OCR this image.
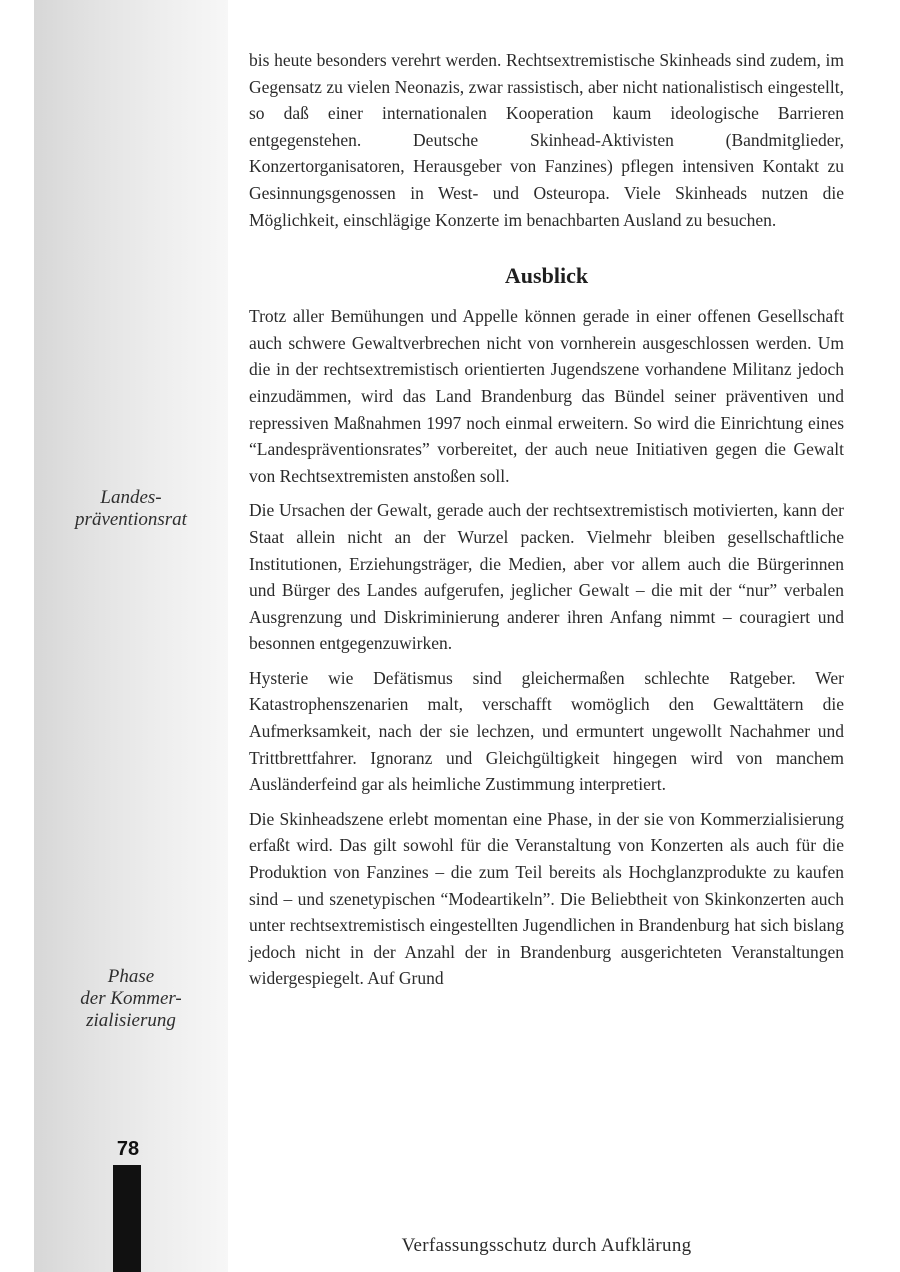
Landes-
präventionsrat
Phase
der Kommer-
zialisierung
78

bis heute besonders verehrt werden. Rechtsextremistische Skinheads sind zudem, im Gegensatz zu vielen Neonazis, zwar rassistisch, aber nicht nationalistisch eingestellt, so daß einer internationalen Kooperation kaum ideologische Barrieren entgegenstehen. Deutsche Skinhead-Aktivisten (Bandmitglieder, Konzertorganisatoren, Herausgeber von Fanzines) pflegen intensiven Kontakt zu Gesinnungsgenossen in West- und Osteuropa. Viele Skinheads nutzen die Möglichkeit, einschlägige Konzerte im benachbarten Ausland zu besuchen.

Ausblick

Trotz aller Bemühungen und Appelle können gerade in einer offenen Gesellschaft auch schwere Gewaltverbrechen nicht von vornherein ausgeschlossen werden. Um die in der rechtsextremistisch orientierten Jugendszene vorhandene Militanz jedoch einzudämmen, wird das Land Brandenburg das Bündel seiner präventiven und repressiven Maßnahmen 1997 noch einmal erweitern. So wird die Einrichtung eines “Landespräventionsrates” vorbereitet, der auch neue Initiativen gegen die Gewalt von Rechtsextremisten anstoßen soll.

Die Ursachen der Gewalt, gerade auch der rechtsextremistisch motivierten, kann der Staat allein nicht an der Wurzel packen. Vielmehr bleiben gesellschaftliche Institutionen, Erziehungsträger, die Medien, aber vor allem auch die Bürgerinnen und Bürger des Landes aufgerufen, jeglicher Gewalt – die mit der “nur” verbalen Ausgrenzung und Diskriminierung anderer ihren Anfang nimmt – couragiert und besonnen entgegenzuwirken.

Hysterie wie Defätismus sind gleichermaßen schlechte Ratgeber. Wer Katastrophenszenarien malt, verschafft womöglich den Gewalttätern die Aufmerksamkeit, nach der sie lechzen, und ermuntert ungewollt Nachahmer und Trittbrettfahrer. Ignoranz und Gleichgültigkeit hingegen wird von manchem Ausländerfeind gar als heimliche Zustimmung interpretiert.

Die Skinheadszene erlebt momentan eine Phase, in der sie von Kommerzialisierung erfaßt wird. Das gilt sowohl für die Veranstaltung von Konzerten als auch für die Produktion von Fanzines – die zum Teil bereits als Hochglanzprodukte zu kaufen sind – und szenetypischen “Modeartikeln”. Die Beliebtheit von Skinkonzerten auch unter rechtsextremistisch eingestellten Jugendlichen in Brandenburg hat sich bislang jedoch nicht in der Anzahl der in Brandenburg ausgerichteten Veranstaltungen widergespiegelt. Auf Grund

Verfassungsschutz durch Aufklärung
